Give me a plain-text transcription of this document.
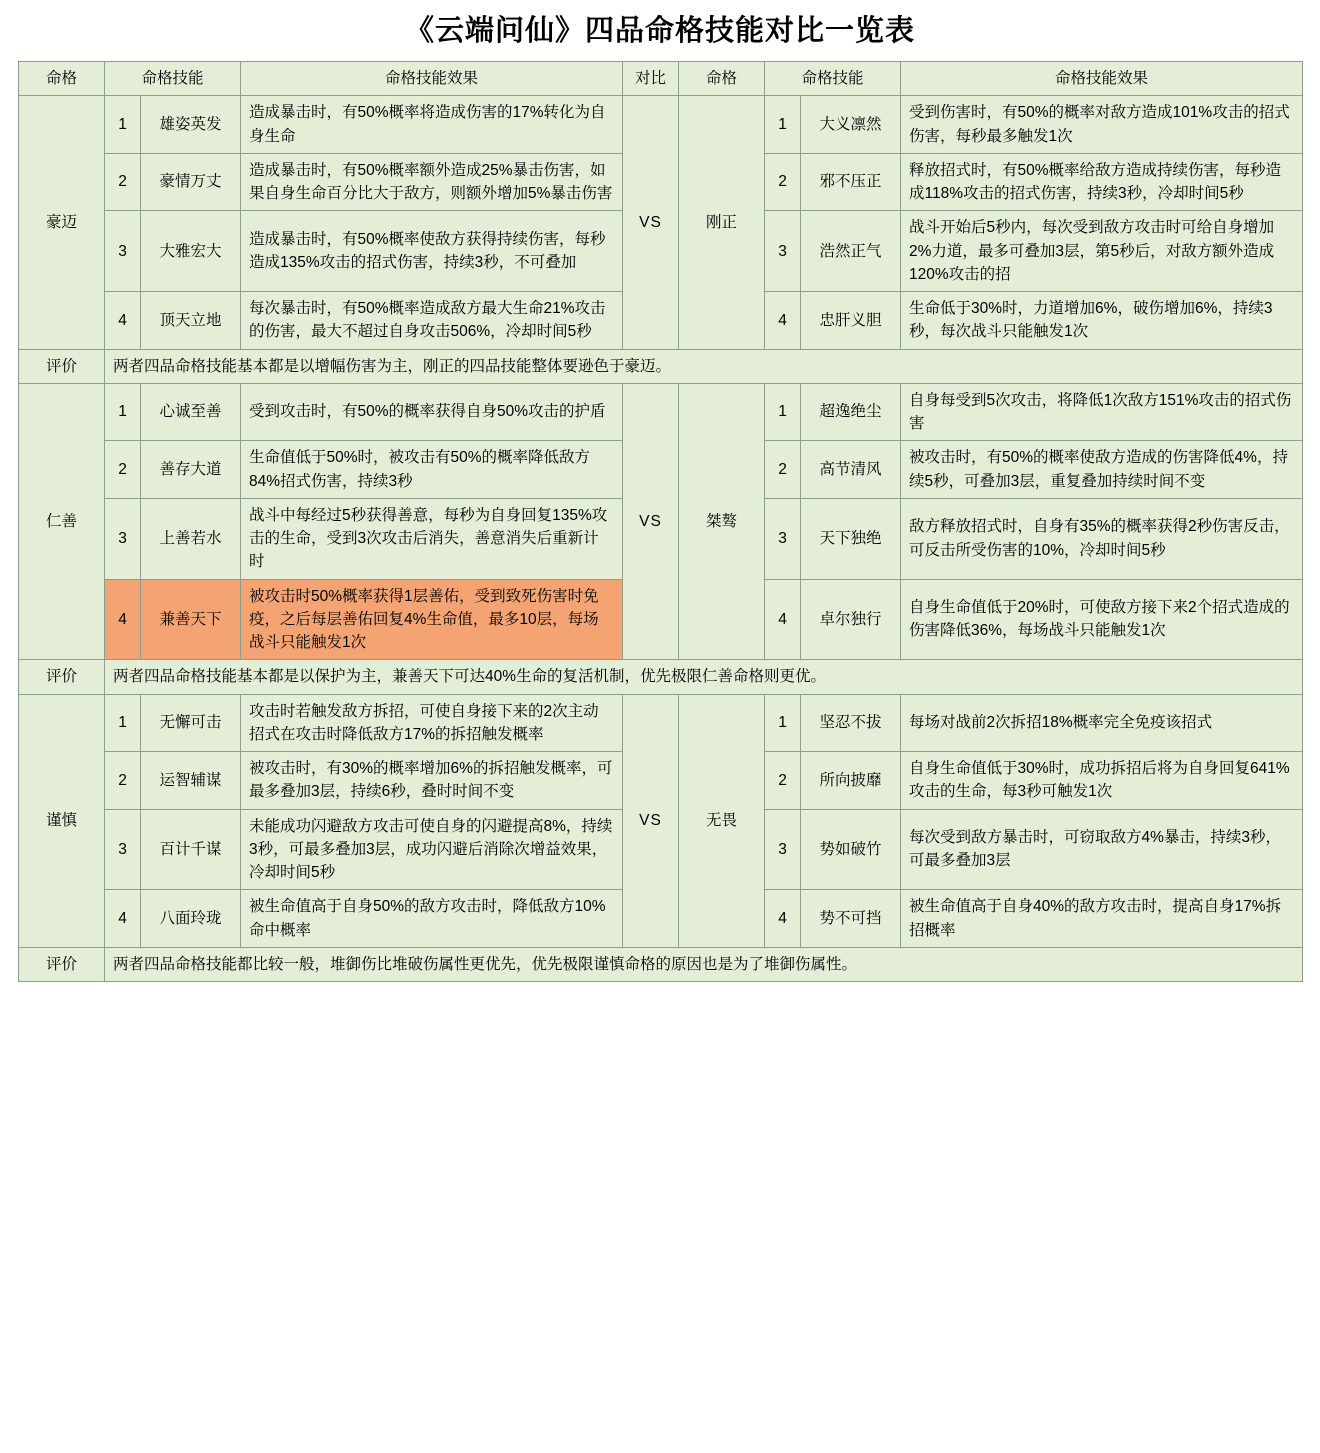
《云端问仙》四品命格技能对比一览表
命格	命格技能		命格技能效果	对比	命格	命格技能		命格技能效果
豪迈	1	雄姿英发	造成暴击时，有50%概率将造成伤害的17%转化为自身生命	VS	刚正	1	大义凛然	受到伤害时，有50%的概率对敌方造成101%攻击的招式伤害，每秒最多触发1次
	2	豪情万丈	造成暴击时，有50%概率额外造成25%暴击伤害，如果自身生命百分比大于敌方，则额外增加5%暴击伤害			2	邪不压正	释放招式时，有50%概率给敌方造成持续伤害，每秒造成118%攻击的招式伤害，持续3秒，冷却时间5秒
	3	大雅宏大	造成暴击时，有50%概率使敌方获得持续伤害，每秒造成135%攻击的招式伤害，持续3秒，不可叠加			3	浩然正气	战斗开始后5秒内，每次受到敌方攻击时可给自身增加2%力道，最多可叠加3层，第5秒后，对敌方额外造成120%攻击的招
	4	顶天立地	每次暴击时，有50%概率造成敌方最大生命21%攻击的伤害，最大不超过自身攻击506%，冷却时间5秒			4	忠肝义胆	生命低于30%时，力道增加6%，破伤增加6%，持续3秒，每次战斗只能触发1次
评价	两者四品命格技能基本都是以增幅伤害为主，刚正的四品技能整体要逊色于豪迈。							
仁善	1	心诚至善	受到攻击时，有50%的概率获得自身50%攻击的护盾	VS	桀骜	1	超逸绝尘	自身每受到5次攻击，将降低1次敌方151%攻击的招式伤害
	2	善存大道	生命值低于50%时，被攻击有50%的概率降低敌方84%招式伤害，持续3秒			2	高节清风	被攻击时，有50%的概率使敌方造成的伤害降低4%，持续5秒，可叠加3层，重复叠加持续时间不变
	3	上善若水	战斗中每经过5秒获得善意，每秒为自身回复135%攻击的生命，受到3次攻击后消失，善意消失后重新计时			3	天下独绝	敌方释放招式时，自身有35%的概率获得2秒伤害反击，可反击所受伤害的10%，冷却时间5秒
	4	兼善天下	被攻击时50%概率获得1层善佑，受到致死伤害时免疫，之后每层善佑回复4%生命值，最多10层，每场战斗只能触发1次			4	卓尔独行	自身生命值低于20%时，可使敌方接下来2个招式造成的伤害降低36%，每场战斗只能触发1次
评价	两者四品命格技能基本都是以保护为主，兼善天下可达40%生命的复活机制，优先极限仁善命格则更优。							
谨慎	1	无懈可击	攻击时若触发敌方拆招，可使自身接下来的2次主动招式在攻击时降低敌方17%的拆招触发概率	VS	无畏	1	坚忍不拔	每场对战前2次拆招18%概率完全免疫该招式
	2	运智辅谋	被攻击时，有30%的概率增加6%的拆招触发概率，可最多叠加3层，持续6秒，叠时时间不变			2	所向披靡	自身生命值低于30%时，成功拆招后将为自身回复641%攻击的生命，每3秒可触发1次
	3	百计千谋	未能成功闪避敌方攻击可使自身的闪避提高8%，持续3秒，可最多叠加3层，成功闪避后消除次增益效果，冷却时间5秒			3	势如破竹	每次受到敌方暴击时，可窃取敌方4%暴击，持续3秒，可最多叠加3层
	4	八面玲珑	被生命值高于自身50%的敌方攻击时，降低敌方10%命中概率			4	势不可挡	被生命值高于自身40%的敌方攻击时，提高自身17%拆招概率
评价	两者四品命格技能都比较一般，堆御伤比堆破伤属性更优先，优先极限谨慎命格的原因也是为了堆御伤属性。							
